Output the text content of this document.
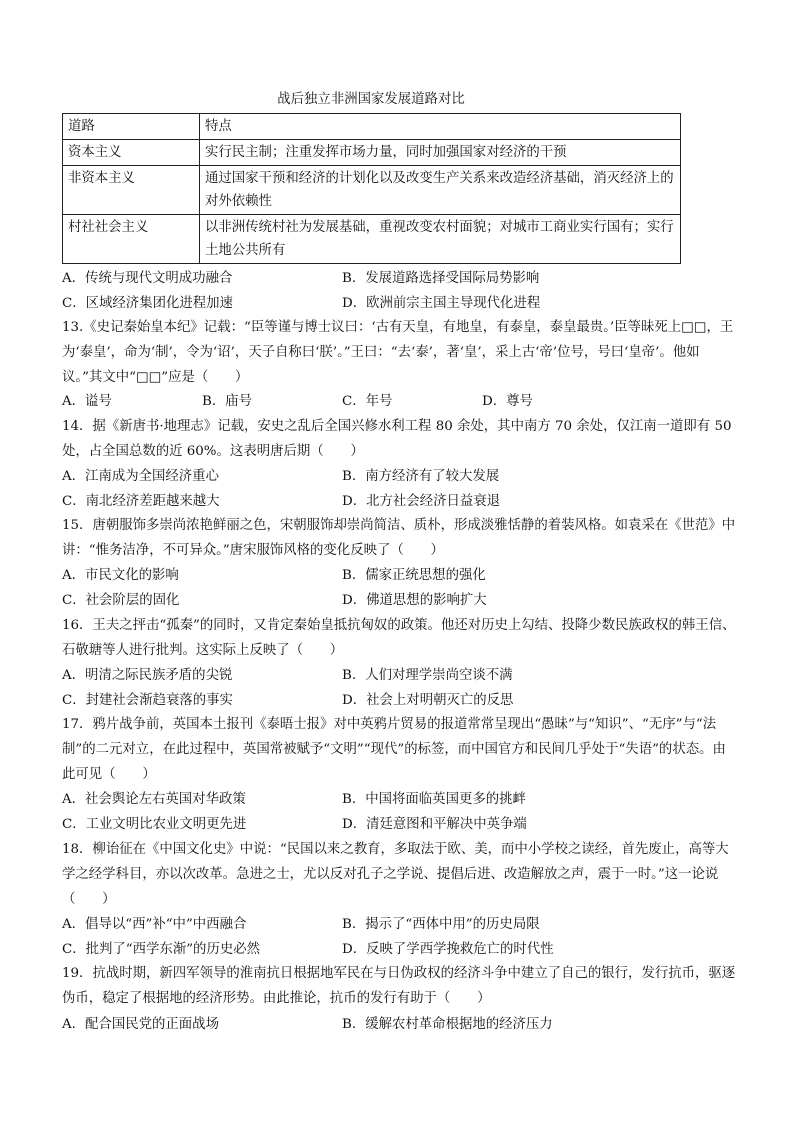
战后独立非洲国家发展道路对比
道路	特点
资本主义	实行民主制；注重发挥市场力量，同时加强国家对经济的干预
非资本主义	通过国家干预和经济的计划化以及改变生产关系来改造经济基础，消灭经济上的对外依赖性
村社社会主义	以非洲传统村社为发展基础，重视改变农村面貌；对城市工商业实行国有；实行土地公共所有
A．传统与现代文明成功融合	B．发展道路选择受国际局势影响
C．区域经济集团化进程加速	D．欧洲前宗主国主导现代化进程

13.《史记秦始皇本纪》记载：“臣等谨与博士议曰：‘古有天皇，有地皇，有泰皇，泰皇最贵。’臣等昧死上□□，王为‘泰皇’，命为‘制’，令为‘诏’，天子自称曰‘朕’。”王曰：“去‘泰’，著‘皇’，采上古‘帝’位号，号曰‘皇帝’。他如议。”其文中“□□”应是（　　）

A．谥号	B．庙号	C．年号	D．尊号

14．据《新唐书·地理志》记载，安史之乱后全国兴修水利工程 80 余处，其中南方 70 余处，仅江南一道即有 50 处，占全国总数的近 60%。这表明唐后期（　　）

A．江南成为全国经济重心	B．南方经济有了较大发展
C．南北经济差距越来越大	D．北方社会经济日益衰退

15．唐朝服饰多崇尚浓艳鲜丽之色，宋朝服饰却崇尚简洁、质朴，形成淡雅恬静的着装风格。如袁采在《世范》中讲：“惟务洁净，不可异众。”唐宋服饰风格的变化反映了（　　）

A．市民文化的影响	B．儒家正统思想的强化
C．社会阶层的固化	D．佛道思想的影响扩大

16．王夫之抨击“孤秦”的同时，又肯定秦始皇抵抗匈奴的政策。他还对历史上勾结、投降少数民族政权的韩王信、石敬瑭等人进行批判。这实际上反映了（　　）

A．明清之际民族矛盾的尖锐	B．人们对理学崇尚空谈不满
C．封建社会渐趋衰落的事实	D．社会上对明朝灭亡的反思

17．鸦片战争前，英国本土报刊《泰晤士报》对中英鸦片贸易的报道常常呈现出“愚昧”与“知识”、“无序”与“法制”的二元对立，在此过程中，英国常被赋予“文明”“现代”的标签，而中国官方和民间几乎处于“失语”的状态。由此可见（　　）

A．社会舆论左右英国对华政策	B．中国将面临英国更多的挑衅
C．工业文明比农业文明更先进	D．清廷意图和平解决中英争端

18．柳诒征在《中国文化史》中说：“民国以来之教育，多取法于欧、美，而中小学校之读经，首先废止，高等大学之经学科目，亦以次改革。急进之士，尤以反对孔子之学说、提倡后进、改造解放之声，震于一时。”这一论说（　　）

A．倡导以“西”补“中”中西融合	B．揭示了“西体中用”的历史局限
C．批判了“西学东渐”的历史必然	D．反映了学西学挽救危亡的时代性

19．抗战时期，新四军领导的淮南抗日根据地军民在与日伪政权的经济斗争中建立了自己的银行，发行抗币，驱逐伪币，稳定了根据地的经济形势。由此推论，抗币的发行有助于（　　）

A．配合国民党的正面战场	B．缓解农村革命根据地的经济压力
